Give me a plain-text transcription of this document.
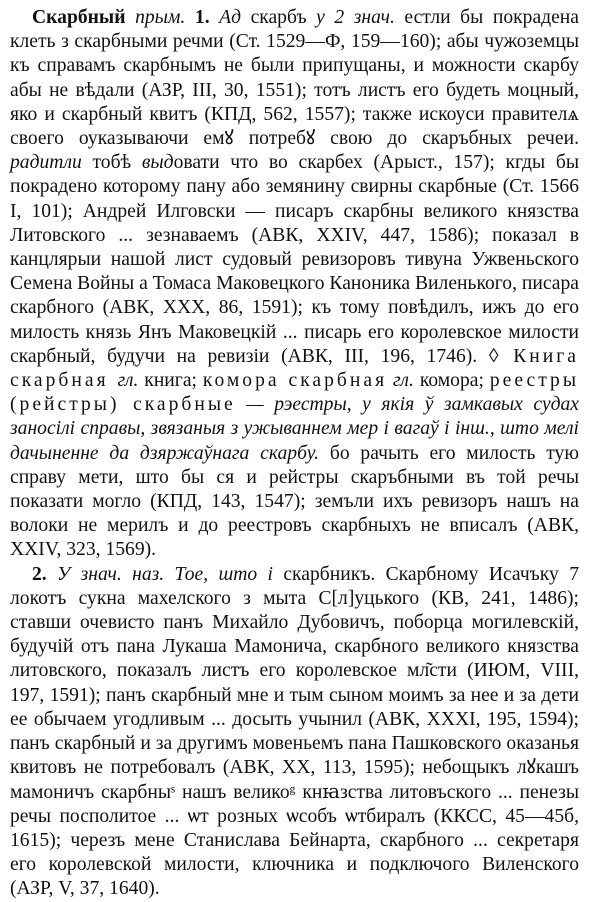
Скарбный прым. 1. Ад скарбъ у 2 знач. естли бы покрадена клеть з скарбными речми (Ст. 1529—Ф, 159—160); абы чужоземцы къ справамъ скарбнымъ не были припущаны, и можности скарбу абы не вѣдали (АЗР, III, 30, 1551); тотъ листъ его будеть моцный, яко и скарбный квитъ (КПД, 562, 1557); также искоуси правителѧ своего оуказываючи емꙋ потребꙋ свою до скаръбных речеи. радитли тобѣ выдовати что во скарбех (Арыст., 157); кгды бы покрадено которому пану або земянину свирны скарбные (Ст. 1566 I, 101); Андрей Илговски — писаръ скарбны великого князства Литовского ... зезнаваемъ (АВК, XXIV, 447, 1586); показал в канцлярыи нашой лист судовый ревизоровъ тивуна Ужвеньского Семена Войны а Томаса Маковецкого Каноника Виленького, писара скарбного (АВК, XXX, 86, 1591); къ тому повѣдилъ, ижъ до его милость князь Янъ Маковецкій ... писарь его королевское милости скарбный, будучи на ревизіи (АВК, III, 196, 1746). ◊ Книга скарбная гл. книга; комора скарбная гл. комора; реестры (рейстры) скарбные — рэестры, у якія ў замкавых судах заносілі справы, звязаныя з ужываннем мер і вагаў і інш., што мелі дачыненне да дзяржаўнага скарбу. бо рачыть его милость тую справу мети, што бы ся и рейстры скаръбными въ той речы показати могло (КПД, 143, 1547); земъли ихъ ревизоръ нашъ на волоки не мерилъ и до реестровъ скарбныхъ не вписалъ (АВК, XXIV, 323, 1569).

2. У знач. наз. Тое, што і скарбникъ. Скарбному Исачъку 7 локотъ сукна махелского з мыта С[л]уцького (КВ, 241, 1486); ставши очевисто панъ Михайло Дубовичъ, поборца могилевскій, будучій отъ пана Лукаша Мамонича, скарбного великого князства литовского, показалъ листъ его королевское мл͂сти (ИЮМ, VIII, 197, 1591); панъ скарбный мне и тым сыном моимъ за нее и за дети ее обычаем угодливым ... досыть учынил (АВК, XXXI, 195, 1594); панъ скарбный и за другимъ мовеньемъ пана Пашковского оказанья квитовъ не потребовалъ (АВК, XX, 113, 1595); небощыкъ лꙋкашъ мамоничъ скарбныˢ нашъ великоᵍ кнꙗзства литовъского ... пенезы речы посполитое ... ѡт розных ѡсобъ ѡтбиралъ (ККСС, 45—45б, 1615); черезъ мене Станислава Бейнарта, скарбного ... секретаря его королевской милости, ключника и подключого Виленского (АЗР, V, 37, 1640).
